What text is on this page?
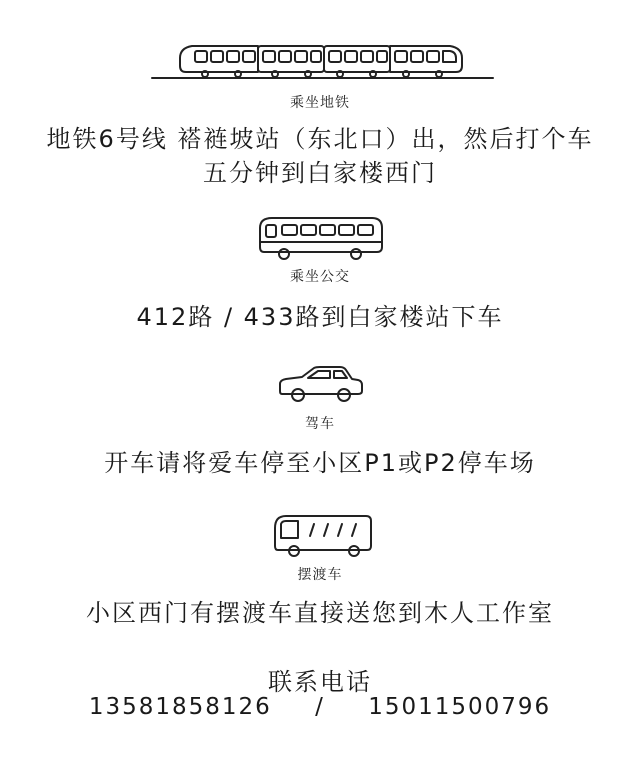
乘坐地铁
地铁6号线 褡裢坡站（东北口）出，然后打个车
五分钟到白家楼西门
乘坐公交
412路 / 433路到白家楼站下车
驾车
开车请将爱车停至小区P1或P2停车场
摆渡车
小区西门有摆渡车直接送您到木人工作室
联系电话
13581858126 / 15011500796
